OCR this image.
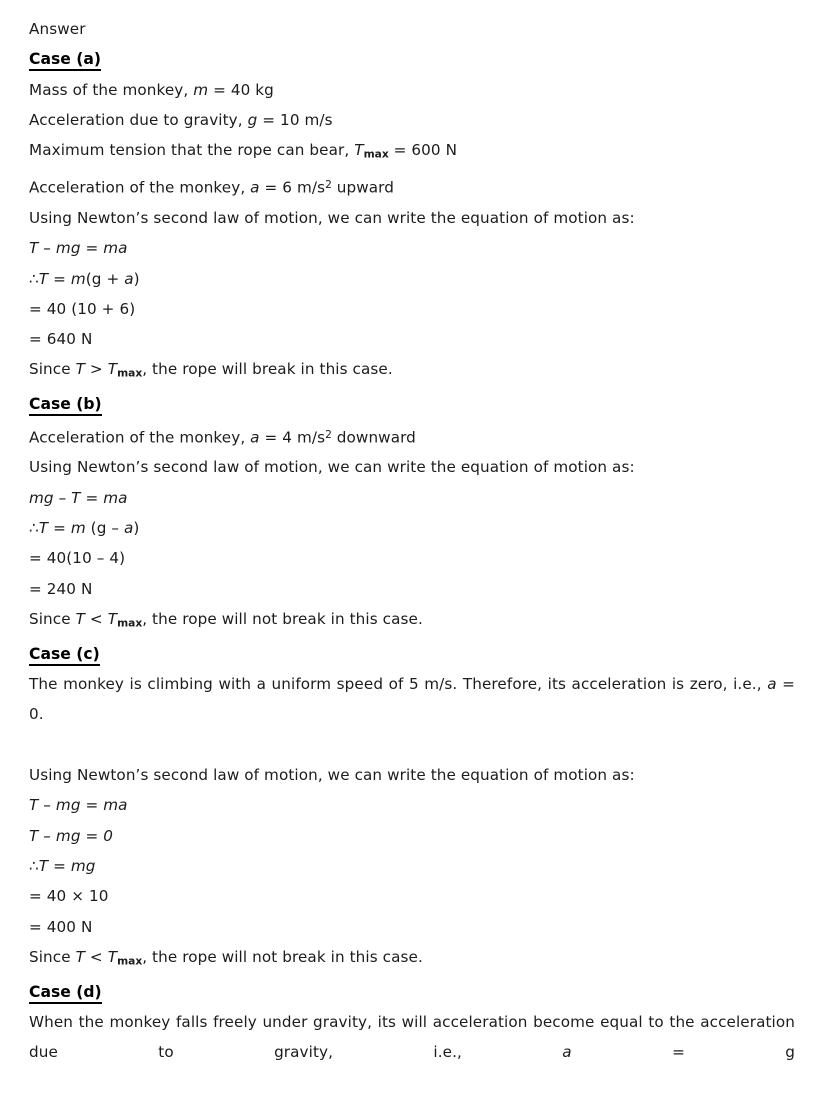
Answer
Case (a)
Mass of the monkey, m = 40 kg
Acceleration due to gravity, g = 10 m/s
Maximum tension that the rope can bear, $T_{max} = 600$ N
Acceleration of the monkey, a = 6 $m/s^2$ upward
Using Newton’s second law of motion, we can write the equation of motion as:
T – mg = ma
∴T = m(g + a)
= 40 (10 + 6)
= 640 N
Since $T > T_{max}$, the rope will break in this case.
Case (b)
Acceleration of the monkey, a = 4 $m/s^2$ downward
Using Newton’s second law of motion, we can write the equation of motion as:
mg – T = ma
∴T = m (g – a)
= 40(10 – 4)
= 240 N
Since $T < T_{max}$, the rope will not break in this case.
Case (c)
The monkey is climbing with a uniform speed of 5 m/s. Therefore, its acceleration is zero, i.e., a = 0.
Using Newton’s second law of motion, we can write the equation of motion as:
T – mg = ma
T – mg = 0
∴T = mg
= 40 × 10
= 400 N
Since $T < T_{max}$, the rope will not break in this case.
Case (d)
When the monkey falls freely under gravity, its will acceleration become equal to the acceleration due to gravity, i.e., a = g
